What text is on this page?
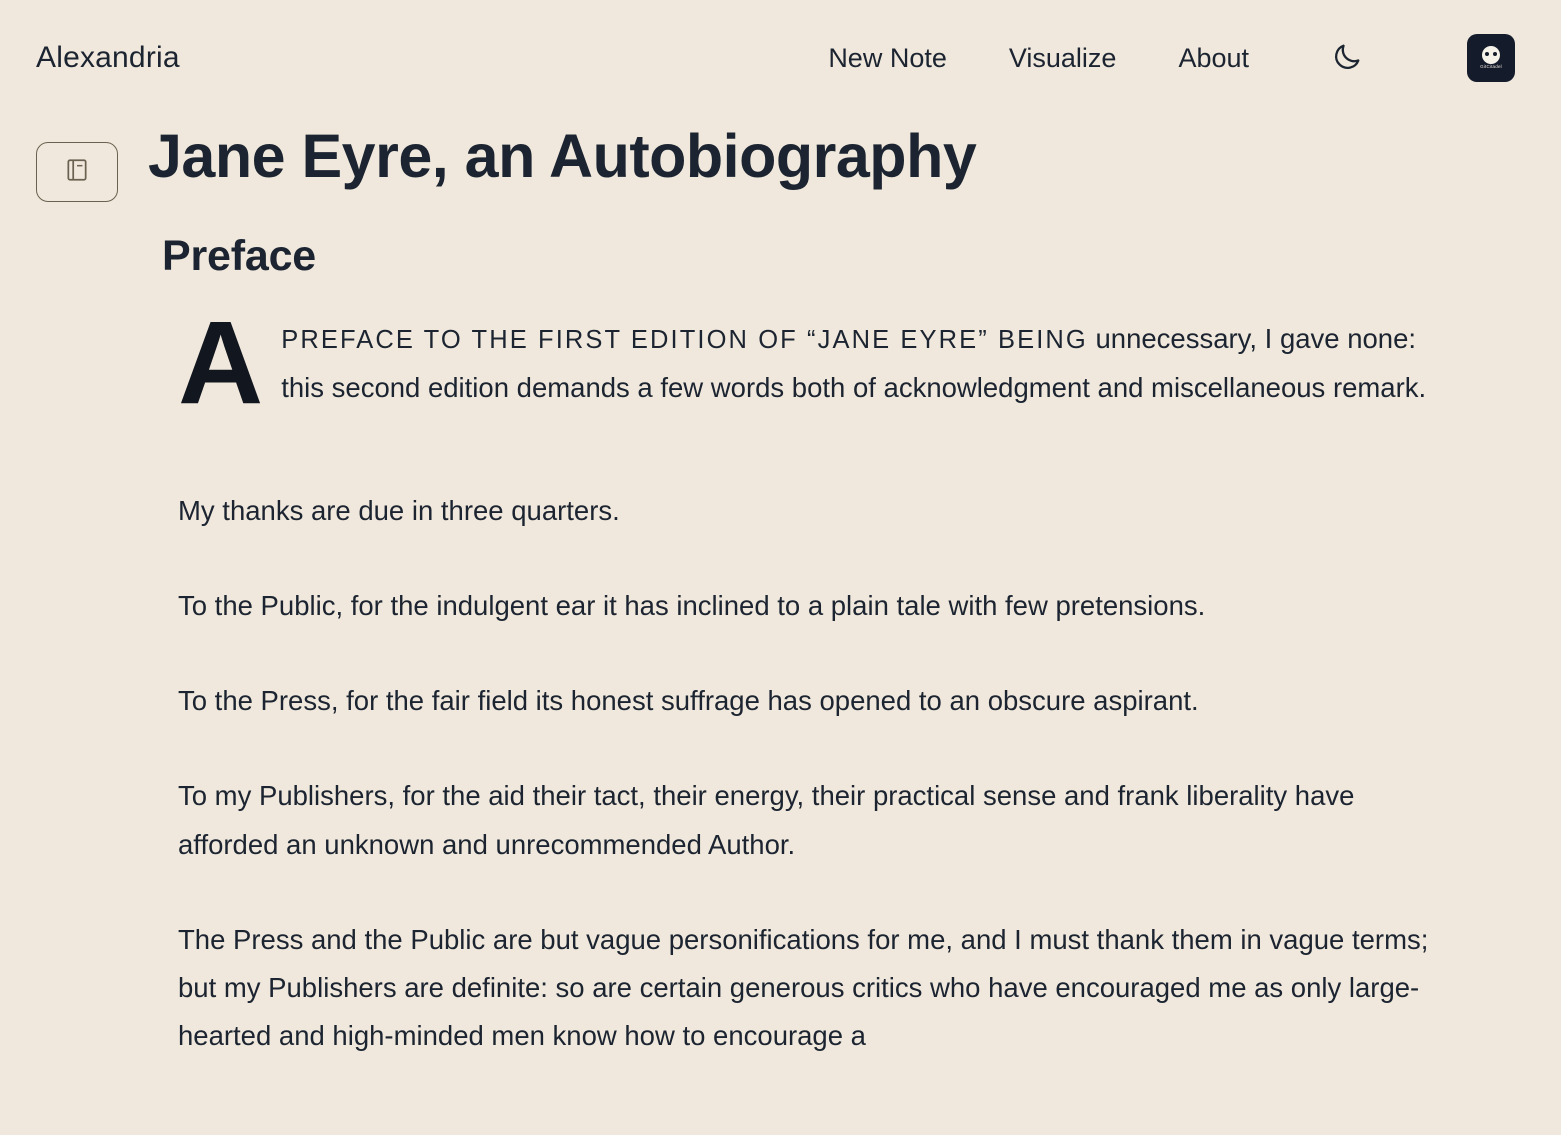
Alexandria	New Note Visualize About	GitCitadel
Jane Eyre, an Autobiography
Preface
A PREFACE TO THE FIRST EDITION OF “JANE EYRE” BEING unnecessary, I gave none: this second edition demands a few words both of acknowledgment and miscellaneous remark.

My thanks are due in three quarters.

To the Public, for the indulgent ear it has inclined to a plain tale with few pretensions.

To the Press, for the fair field its honest suffrage has opened to an obscure aspirant.

To my Publishers, for the aid their tact, their energy, their practical sense and frank liberality have afforded an unknown and unrecommended Author.

The Press and the Public are but vague personifications for me, and I must thank them in vague terms; but my Publishers are definite: so are certain generous critics who have encouraged me as only large-hearted and high-minded men know how to encourage a
